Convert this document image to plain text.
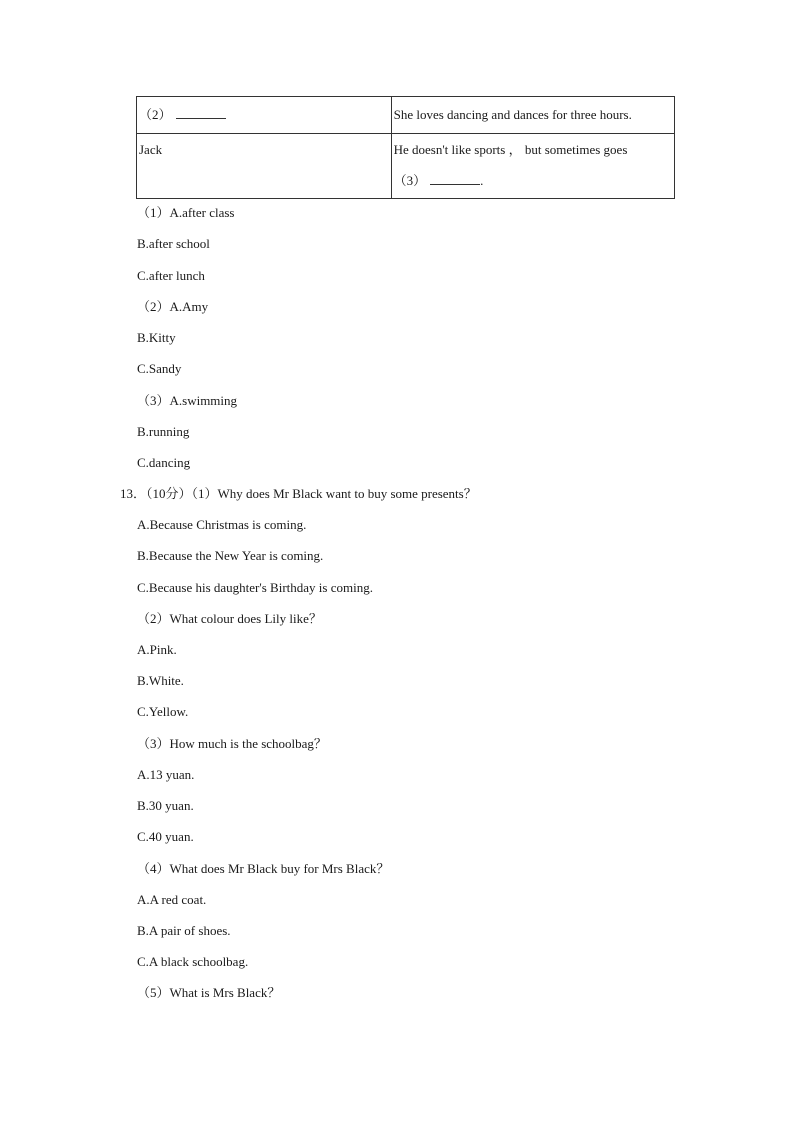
（2）	She loves dancing and dances for three hours.
Jack	He doesn't like sports ， but sometimes goes
（3） .
（1）A.after class
B.after school
C.after lunch
（2）A.Amy
B.Kitty
C.Sandy
（3）A.swimming
B.running
C.dancing
13．（10分）（1）Why does Mr Black want to buy some presents？
A.Because Christmas is coming.
B.Because the New Year is coming.
C.Because his daughter's Birthday is coming.
（2）What colour does Lily like？
A.Pink.
B.White.
C.Yellow.
（3）How much is the schoolbag？
A.13 yuan.
B.30 yuan.
C.40 yuan.
（4）What does Mr Black buy for Mrs Black？
A.A red coat.
B.A pair of shoes.
C.A black schoolbag.
（5）What is Mrs Black？
